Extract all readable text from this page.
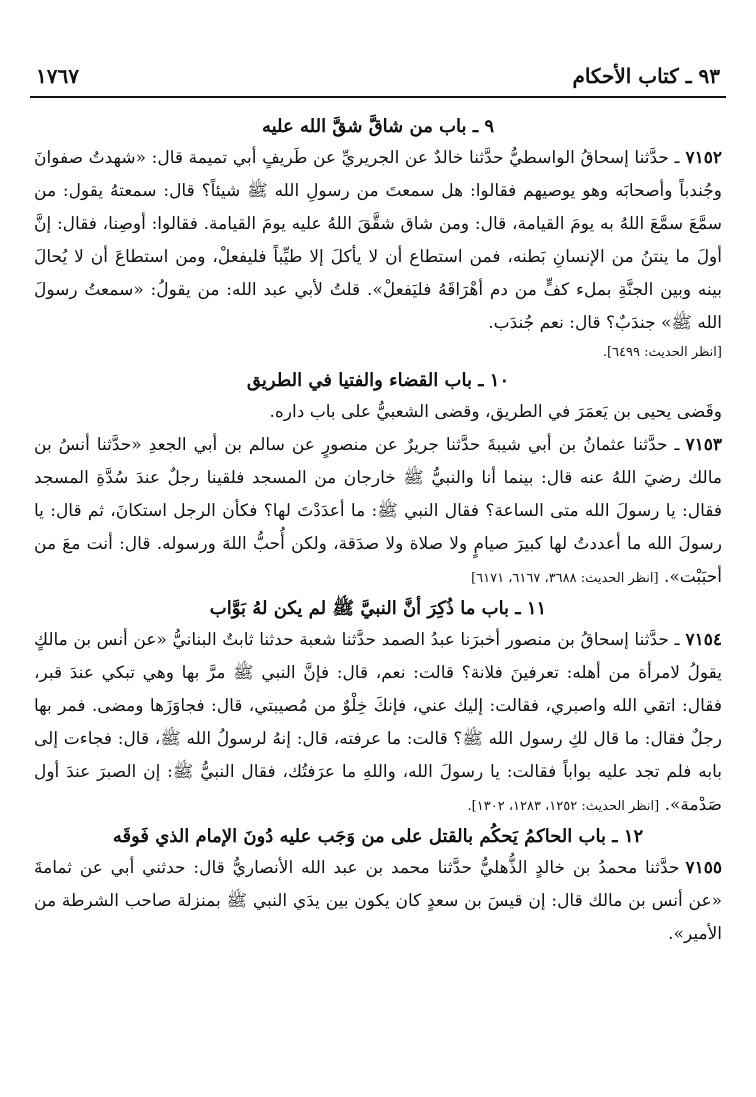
٩٣ ـ كتاب الأحكام
١٧٦٧
٩ ـ باب من شاقَّ شقَّ الله عليه
٧١٥٢ـ حدَّثنا إسحاقُ الواسطيُّ حدَّثنا خالدٌ عن الجريريِّ عن طَريفٍ أبي تميمة قال: «شهدتُ صفوانَ وجُندباً وأصحابَه وهو يوصيهم فقالوا: هل سمعتَ من رسولِ الله ﷺ شيئاً؟ قال: سمعتهُ يقول: من سمَّعَ سمَّعَ اللهُ به يومَ القيامة، قال: ومن شاق شقَّقَ اللهُ عليه يومَ القيامة. فقالوا: أوصِنا، فقال: إنَّ أولَ ما ينتنُ من الإنسانِ بَطنه، فمن استطاع أن لا يأكلَ إلا طيِّباً فليفعلْ، ومن استطاعَ أن لا يُحالَ بينه وبين الجنَّةِ بملء كفٍّ من دم أهْرَاقَهُ فليَفعلْ». قلتُ لأبي عبد الله: من يقولُ: «سمعتُ رسولَ الله ﷺ» جندَبٌ؟ قال: نعم جُندَب.
[انظر الحديث: ٦٤٩٩].
١٠ ـ باب القضاء والفتيا في الطريق
وقَضى يحيى بن يَعمَرَ في الطريق، وقضى الشعبيُّ على باب داره.
٧١٥٣ـ حدَّثنا عثمانُ بن أبي شيبةَ حدَّثنا جريرٌ عن منصورٍ عن سالم بن أبي الجعدِ «حدَّثنا أنسُ بن مالك رضيَ اللهُ عنه قال: بينما أنا والنبيُّ ﷺ خارجان من المسجد فلقينا رجلٌ عندَ سُدَّةِ المسجد فقال: يا رسولَ الله متى الساعة؟ فقال النبي ﷺ: ما أعدَدْتَ لها؟ فكأن الرجل استكانَ، ثم قال: يا رسولَ الله ما أعددتُ لها كبيرَ صيامٍ ولا صلاة ولا صدَقة، ولكن أُحبُّ اللهَ ورسوله. قال: أنت معَ من أحبَبْت». [انظر الحديث: ٣٦٨٨، ٦١٦٧، ٦١٧١]
١١ ـ باب ما ذُكِرَ أنَّ النبيَّ ﷺ لم يكن لهُ بَوَّاب
٧١٥٤ـ حدَّثنا إسحاقُ بن منصور أخبرَنا عبدُ الصمد حدَّثنا شعبة حدثنا ثابتٌ البنانيُّ «عن أنس بن مالكٍ يقولُ لامرأة من أهله: تعرفينَ فلانة؟ قالت: نعم، قال: فإنَّ النبي ﷺ مرَّ بها وهي تبكي عندَ قبر، فقال: اتقي الله واصبري، فقالت: إليك عني، فإنكَ خِلْوٌ من مُصيبتي، قال: فجاوَزَها ومضى. فمر بها رجلٌ فقال: ما قال لكِ رسول الله ﷺ؟ قالت: ما عرفته، قال: إنهُ لرسولُ الله ﷺ، قال: فجاءت إلى بابه فلم تجد عليه بواباً فقالت: يا رسولَ الله، واللهِ ما عرَفتُك، فقال النبيُّ ﷺ: إن الصبرَ عندَ أول صَدْمة». [انظر الحديث: ١٢٥٢، ١٢٨٣، ١٣٠٢].
١٢ ـ باب الحاكمُ يَحكُم بالقتل على من وَجَب عليه دُونَ الإمام الذي فَوقَه
٧١٥٥حدَّثنا محمدُ بن خالدٍ الذُّهليُّ حدَّثنا محمد بن عبد الله الأنصاريُّ قال: حدثني أبي عن ثمامةَ «عن أنس بن مالك قال: إن قيسَ بن سعدٍ كان يكون بين يدَي النبي ﷺ بمنزلة صاحب الشرطة من الأمير».
